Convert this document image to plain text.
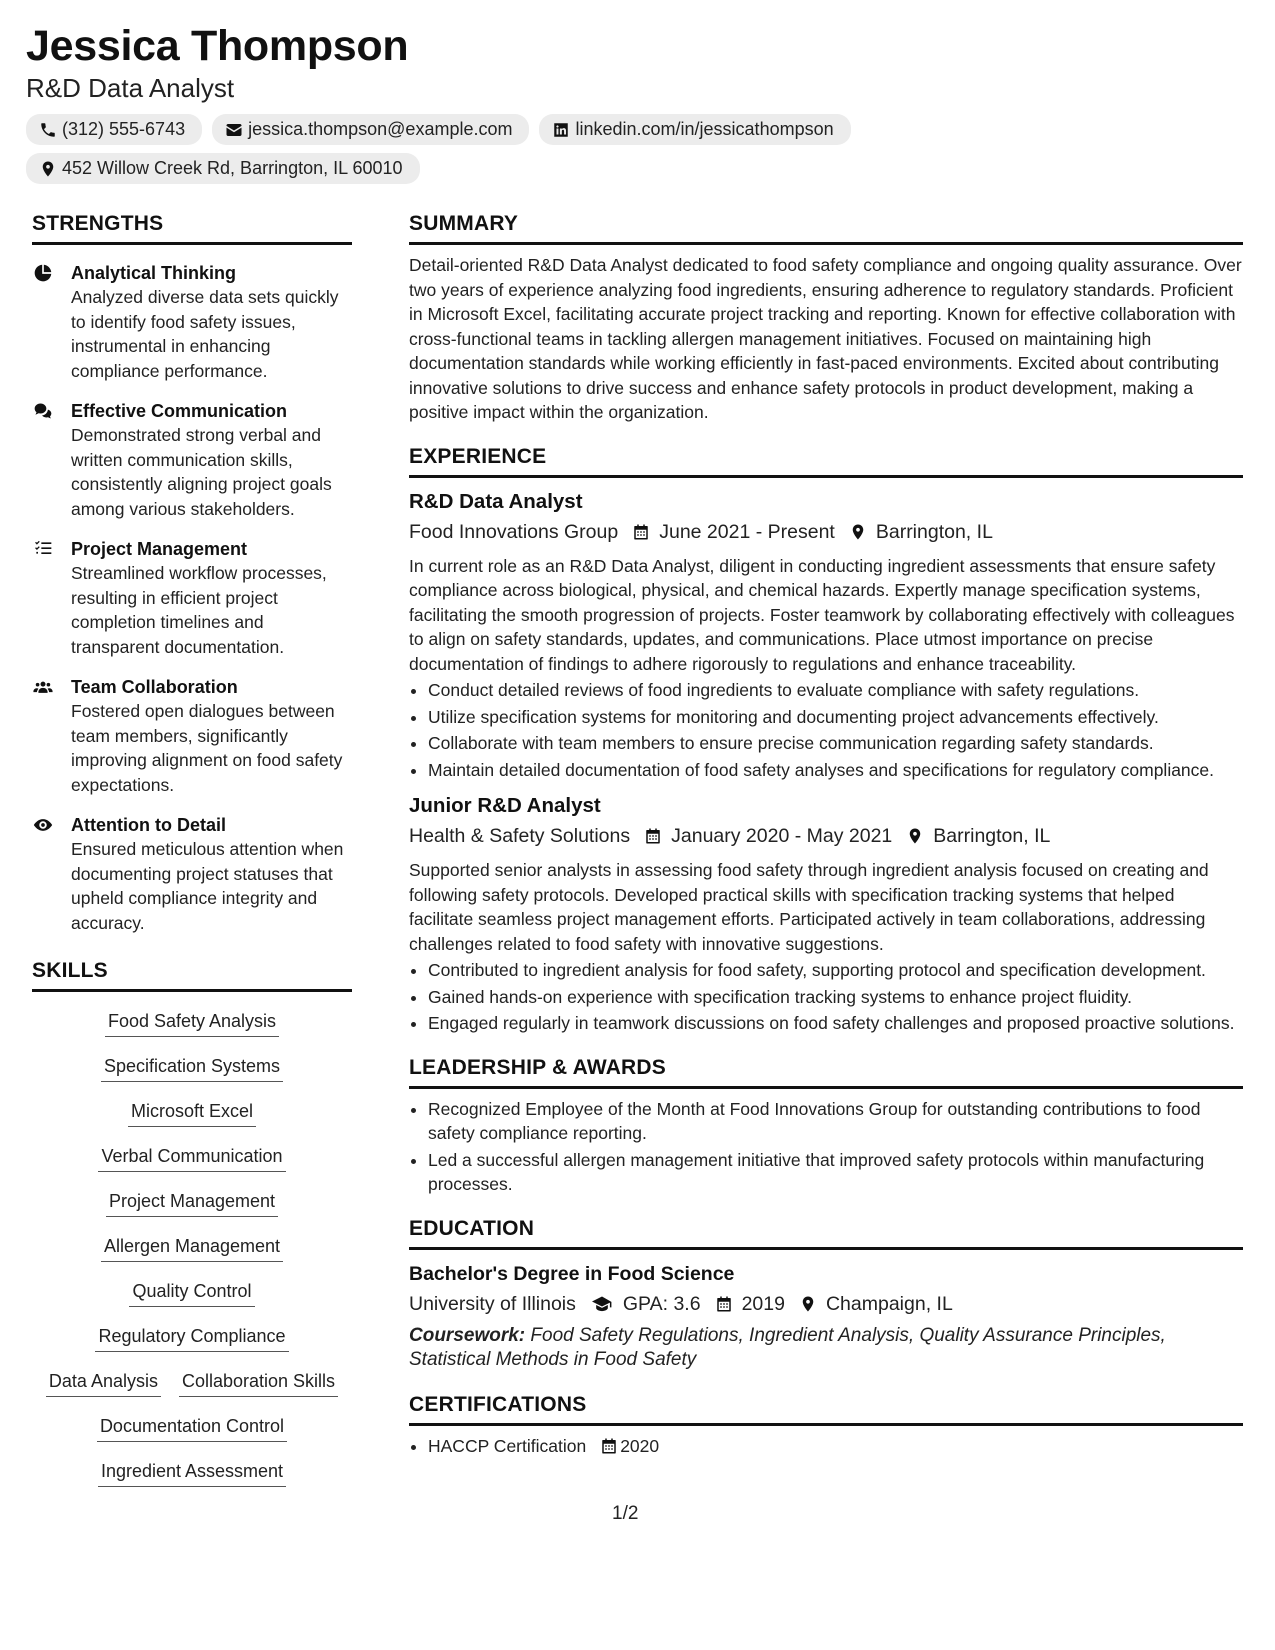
Jessica Thompson
R&D Data Analyst
(312) 555-6743	jessica.thompson@example.com	linkedin.com/in/jessicathompson
452 Willow Creek Rd, Barrington, IL 60010
STRENGTHS
Analytical Thinking
Analyzed diverse data sets quickly to identify food safety issues, instrumental in enhancing compliance performance.
Effective Communication
Demonstrated strong verbal and written communication skills, consistently aligning project goals among various stakeholders.
Project Management
Streamlined workflow processes, resulting in efficient project completion timelines and transparent documentation.
Team Collaboration
Fostered open dialogues between team members, significantly improving alignment on food safety expectations.
Attention to Detail
Ensured meticulous attention when documenting project statuses that upheld compliance integrity and accuracy.
SKILLS
Food Safety Analysis
Specification Systems
Microsoft Excel
Verbal Communication
Project Management
Allergen Management
Quality Control
Regulatory Compliance
Data Analysis Collaboration Skills
Documentation Control
Ingredient Assessment
SUMMARY

Detail-oriented R&D Data Analyst dedicated to food safety compliance and ongoing quality assurance. Over two years of experience analyzing food ingredients, ensuring adherence to regulatory standards. Proficient in Microsoft Excel, facilitating accurate project tracking and reporting. Known for effective collaboration with cross-functional teams in tackling allergen management initiatives. Focused on maintaining high documentation standards while working efficiently in fast-paced environments. Excited about contributing innovative solutions to drive success and enhance safety protocols in product development, making a positive impact within the organization.

EXPERIENCE
R&D Data Analyst
Food Innovations Group June 2021 - Present Barrington, IL

In current role as an R&D Data Analyst, diligent in conducting ingredient assessments that ensure safety compliance across biological, physical, and chemical hazards. Expertly manage specification systems, facilitating the smooth progression of projects. Foster teamwork by collaborating effectively with colleagues to align on safety standards, updates, and communications. Place utmost importance on precise documentation of findings to adhere rigorously to regulations and enhance traceability.

• Conduct detailed reviews of food ingredients to evaluate compliance with safety regulations.
• Utilize specification systems for monitoring and documenting project advancements effectively.
• Collaborate with team members to ensure precise communication regarding safety standards.
• Maintain detailed documentation of food safety analyses and specifications for regulatory compliance.
Junior R&D Analyst
Health & Safety Solutions January 2020 - May 2021 Barrington, IL

Supported senior analysts in assessing food safety through ingredient analysis focused on creating and following safety protocols. Developed practical skills with specification tracking systems that helped facilitate seamless project management efforts. Participated actively in team collaborations, addressing challenges related to food safety with innovative suggestions.

• Contributed to ingredient analysis for food safety, supporting protocol and specification development.
• Gained hands-on experience with specification tracking systems to enhance project fluidity.
• Engaged regularly in teamwork discussions on food safety challenges and proposed proactive solutions.
LEADERSHIP & AWARDS
• Recognized Employee of the Month at Food Innovations Group for outstanding contributions to food safety compliance reporting.
• Led a successful allergen management initiative that improved safety protocols within manufacturing processes.
EDUCATION
Bachelor's Degree in Food Science
University of Illinois GPA: 3.6 2019 Champaign, IL
Coursework: Food Safety Regulations, Ingredient Analysis, Quality Assurance Principles, Statistical Methods in Food Safety
CERTIFICATIONS
• HACCP Certification 2020
1/2
